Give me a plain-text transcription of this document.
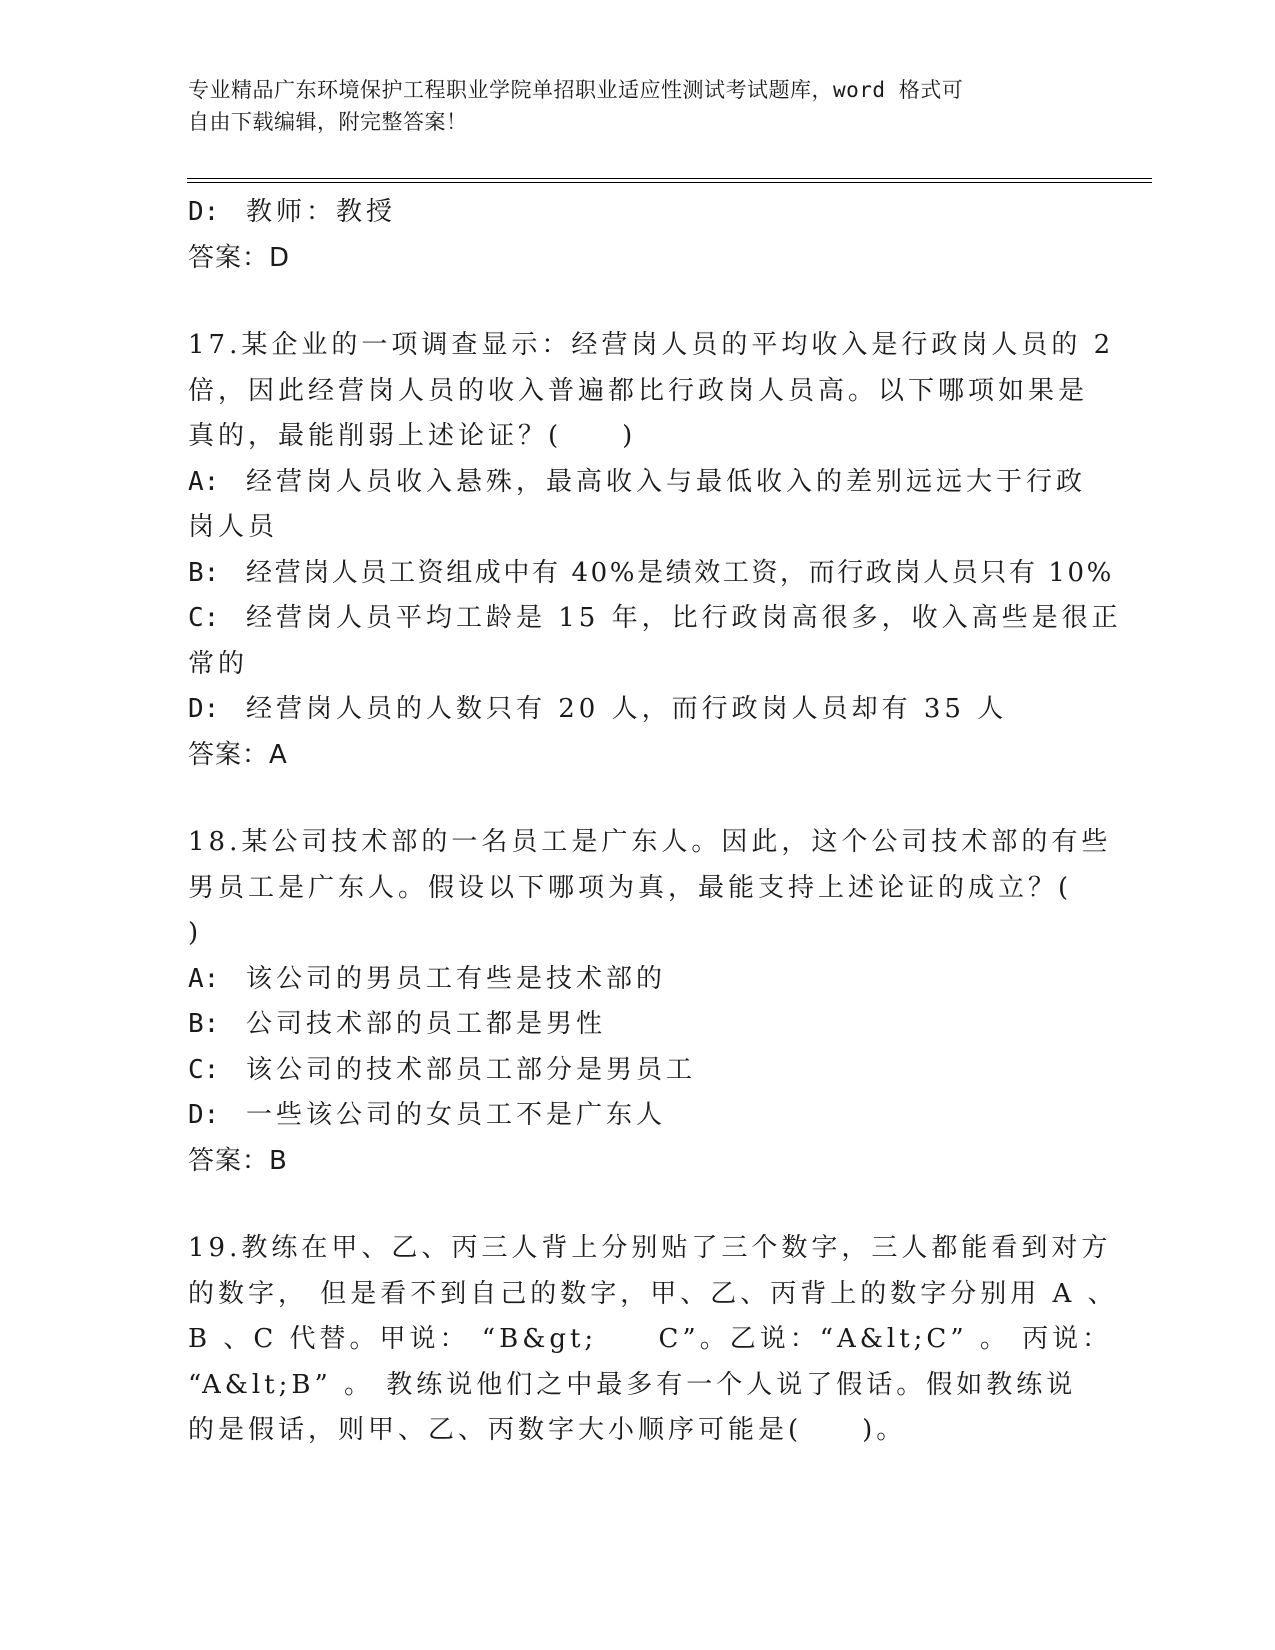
专业精品广东环境保护工程职业学院单招职业适应性测试考试题库，word 格式可
自由下载编辑，附完整答案！
D: 教师：教授
答案：D
17.某企业的一项调查显示：经营岗人员的平均收入是行政岗人员的 2
倍，因此经营岗人员的收入普遍都比行政岗人员高。以下哪项如果是
真的，最能削弱上述论证？(　　)
A: 经营岗人员收入悬殊，最高收入与最低收入的差别远远大于行政
岗人员
B: 经营岗人员工资组成中有 40%是绩效工资，而行政岗人员只有 10%
C: 经营岗人员平均工龄是 15 年，比行政岗高很多，收入高些是很正
常的
D: 经营岗人员的人数只有 20 人，而行政岗人员却有 35 人
答案：A
18.某公司技术部的一名员工是广东人。因此，这个公司技术部的有些
男员工是广东人。假设以下哪项为真，最能支持上述论证的成立？(
)
A: 该公司的男员工有些是技术部的
B: 公司技术部的员工都是男性
C: 该公司的技术部员工部分是男员工
D: 一些该公司的女员工不是广东人
答案：B
19.教练在甲、乙、丙三人背上分别贴了三个数字，三人都能看到对方
的数字， 但是看不到自己的数字，甲、乙、丙背上的数字分别用 A 、
B 、C 代替。甲说： “B&gt;     C”。乙说：“A&lt;C” 。 丙说：
“A&lt;B” 。 教练说他们之中最多有一个人说了假话。假如教练说
的是假话，则甲、乙、丙数字大小顺序可能是(　　)。
